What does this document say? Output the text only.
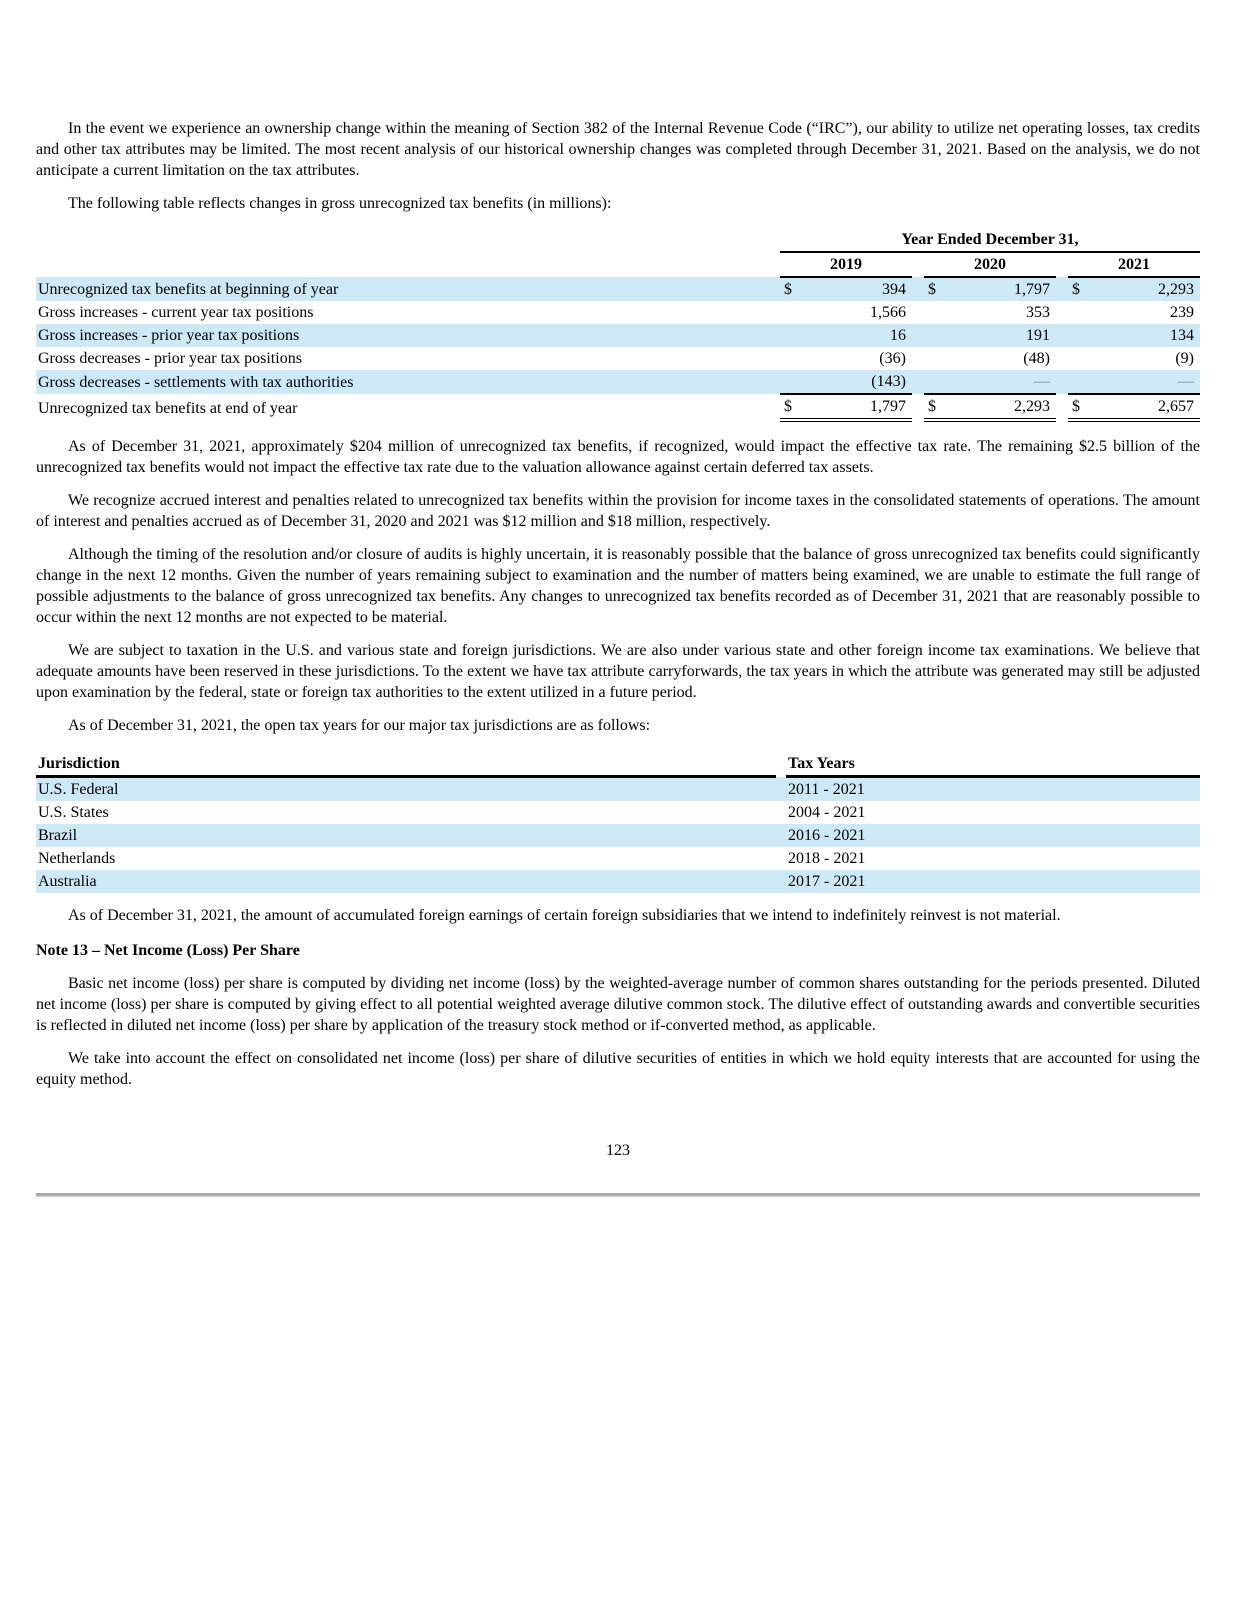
In the event we experience an ownership change within the meaning of Section 382 of the Internal Revenue Code (“IRC”), our ability to utilize net operating losses, tax credits and other tax attributes may be limited. The most recent analysis of our historical ownership changes was completed through December 31, 2021. Based on the analysis, we do not anticipate a current limitation on the tax attributes.

The following table reflects changes in gross unrecognized tax benefits (in millions):

	Year Ended December 31,							
	2019			2020			2021	
Unrecognized tax benefits at beginning of year	$	394		$	1,797		$	2,293
Gross increases - current year tax positions		1,566			353			239
Gross increases - prior year tax positions		16			191			134
Gross decreases - prior year tax positions		(36)			(48)			(9)
Gross decreases - settlements with tax authorities		(143)			—			—
Unrecognized tax benefits at end of year	$	1,797		$	2,293		$	2,657

As of December 31, 2021, approximately $204 million of unrecognized tax benefits, if recognized, would impact the effective tax rate. The remaining $2.5 billion of the unrecognized tax benefits would not impact the effective tax rate due to the valuation allowance against certain deferred tax assets.

We recognize accrued interest and penalties related to unrecognized tax benefits within the provision for income taxes in the consolidated statements of operations. The amount of interest and penalties accrued as of December 31, 2020 and 2021 was $12 million and $18 million, respectively.

Although the timing of the resolution and/or closure of audits is highly uncertain, it is reasonably possible that the balance of gross unrecognized tax benefits could significantly change in the next 12 months. Given the number of years remaining subject to examination and the number of matters being examined, we are unable to estimate the full range of possible adjustments to the balance of gross unrecognized tax benefits. Any changes to unrecognized tax benefits recorded as of December 31, 2021 that are reasonably possible to occur within the next 12 months are not expected to be material.

We are subject to taxation in the U.S. and various state and foreign jurisdictions. We are also under various state and other foreign income tax examinations. We believe that adequate amounts have been reserved in these jurisdictions. To the extent we have tax attribute carryforwards, the tax years in which the attribute was generated may still be adjusted upon examination by the federal, state or foreign tax authorities to the extent utilized in a future period.

As of December 31, 2021, the open tax years for our major tax jurisdictions are as follows:

Jurisdiction		Tax Years
U.S. Federal		2011 - 2021
U.S. States		2004 - 2021
Brazil		2016 - 2021
Netherlands		2018 - 2021
Australia		2017 - 2021

As of December 31, 2021, the amount of accumulated foreign earnings of certain foreign subsidiaries that we intend to indefinitely reinvest is not material.

Note 13 – Net Income (Loss) Per Share

Basic net income (loss) per share is computed by dividing net income (loss) by the weighted-average number of common shares outstanding for the periods presented. Diluted net income (loss) per share is computed by giving effect to all potential weighted average dilutive common stock. The dilutive effect of outstanding awards and convertible securities is reflected in diluted net income (loss) per share by application of the treasury stock method or if-converted method, as applicable.

We take into account the effect on consolidated net income (loss) per share of dilutive securities of entities in which we hold equity interests that are accounted for using the equity method.

123
